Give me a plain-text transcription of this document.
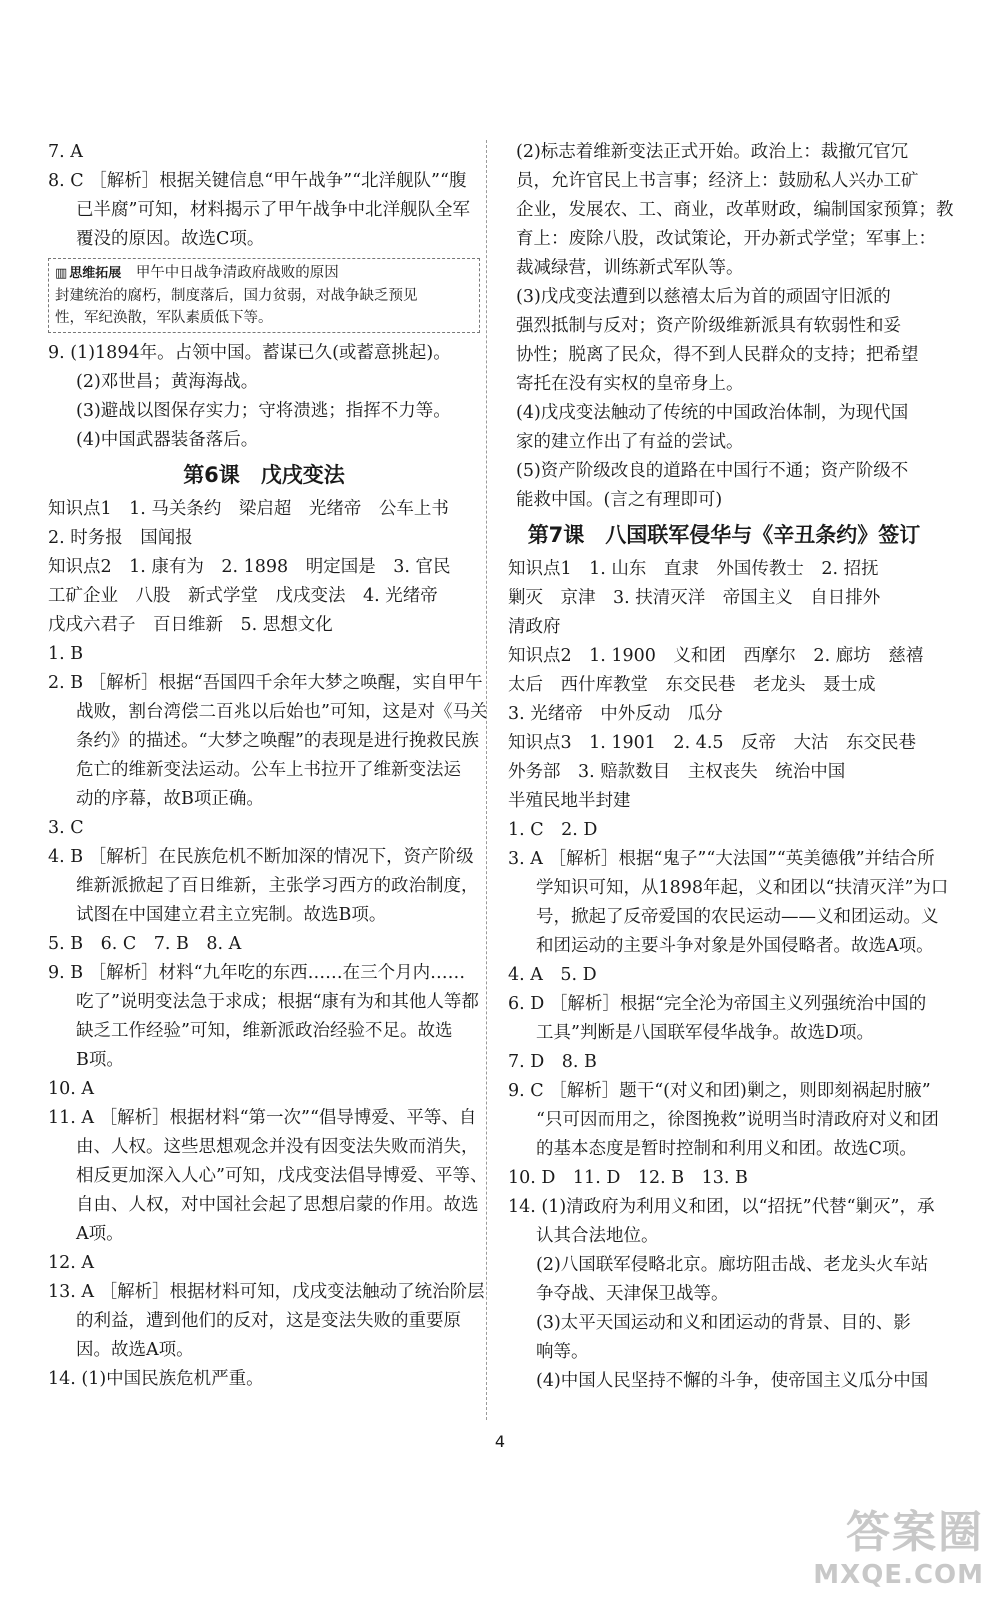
7. A
8. C ［解析］根据关键信息“甲午战争”“北洋舰队”“腹
已半腐”可知，材料揭示了甲午战争中北洋舰队全军
覆没的原因。故选C项。
▥ 思维拓展　 甲午中日战争清政府战败的原因
封建统治的腐朽，制度落后，国力贫弱，对战争缺乏预见
性，军纪涣散，军队素质低下等。
9. (1)1894年。占领中国。蓄谋已久(或蓄意挑起)。
(2)邓世昌；黄海海战。
(3)避战以图保存实力；守将溃逃；指挥不力等。
(4)中国武器装备落后。
第6课　戊戌变法
知识点1　1. 马关条约　梁启超　光绪帝　公车上书
2. 时务报　国闻报
知识点2　1. 康有为　2. 1898　明定国是　3. 官民
工矿企业　八股　新式学堂　戊戌变法　4. 光绪帝
戊戌六君子　百日维新　5. 思想文化
1. B
2. B ［解析］根据“吾国四千余年大梦之唤醒，实自甲午
战败，割台湾偿二百兆以后始也”可知，这是对《马关
条约》的描述。“大梦之唤醒”的表现是进行挽救民族
危亡的维新变法运动。公车上书拉开了维新变法运
动的序幕，故B项正确。
3. C
4. B ［解析］在民族危机不断加深的情况下，资产阶级
维新派掀起了百日维新，主张学习西方的政治制度，
试图在中国建立君主立宪制。故选B项。
5. B　6. C　7. B　8. A
9. B ［解析］材料“九年吃的东西……在三个月内……
吃了”说明变法急于求成；根据“康有为和其他人等都
缺乏工作经验”可知，维新派政治经验不足。故选
B项。
10. A
11. A ［解析］根据材料“第一次”“倡导博爱、平等、自
由、人权。这些思想观念并没有因变法失败而消失，
相反更加深入人心”可知，戊戌变法倡导博爱、平等、
自由、人权，对中国社会起了思想启蒙的作用。故选
A项。
12. A
13. A ［解析］根据材料可知，戊戌变法触动了统治阶层
的利益，遭到他们的反对，这是变法失败的重要原
因。故选A项。
14. (1)中国民族危机严重。
(2)标志着维新变法正式开始。政治上：裁撤冗官冗
员，允许官民上书言事；经济上：鼓励私人兴办工矿
企业，发展农、工、商业，改革财政，编制国家预算；教
育上：废除八股，改试策论，开办新式学堂；军事上：
裁减绿营，训练新式军队等。
(3)戊戌变法遭到以慈禧太后为首的顽固守旧派的
强烈抵制与反对；资产阶级维新派具有软弱性和妥
协性；脱离了民众，得不到人民群众的支持；把希望
寄托在没有实权的皇帝身上。
(4)戊戌变法触动了传统的中国政治体制，为现代国
家的建立作出了有益的尝试。
(5)资产阶级改良的道路在中国行不通；资产阶级不
能救中国。(言之有理即可)
第7课　八国联军侵华与《辛丑条约》签订
知识点1　1. 山东　直隶　外国传教士　2. 招抚
剿灭　京津　3. 扶清灭洋　帝国主义　自日排外
清政府
知识点2　1. 1900　义和团　西摩尔　2. 廊坊　慈禧
太后　西什库教堂　东交民巷　老龙头　聂士成
3. 光绪帝　中外反动　瓜分
知识点3　1. 1901　2. 4.5　反帝　大沽　东交民巷
外务部　3. 赔款数目　主权丧失　统治中国
半殖民地半封建
1. C　2. D
3. A ［解析］根据“鬼子”“大法国”“英美德俄”并结合所
学知识可知，从1898年起，义和团以“扶清灭洋”为口
号，掀起了反帝爱国的农民运动——义和团运动。义
和团运动的主要斗争对象是外国侵略者。故选A项。
4. A　5. D
6. D ［解析］根据“完全沦为帝国主义列强统治中国的
工具”判断是八国联军侵华战争。故选D项。
7. D　8. B
9. C ［解析］题干“(对义和团)剿之，则即刻祸起肘腋”
“只可因而用之，徐图挽救”说明当时清政府对义和团
的基本态度是暂时控制和利用义和团。故选C项。
10. D　11. D　12. B　13. B
14. (1)清政府为利用义和团，以“招抚”代替“剿灭”，承
认其合法地位。
(2)八国联军侵略北京。廊坊阻击战、老龙头火车站
争夺战、天津保卫战等。
(3)太平天国运动和义和团运动的背景、目的、影
响等。
(4)中国人民坚持不懈的斗争，使帝国主义瓜分中国
4
答案圈
MXQE.COM
